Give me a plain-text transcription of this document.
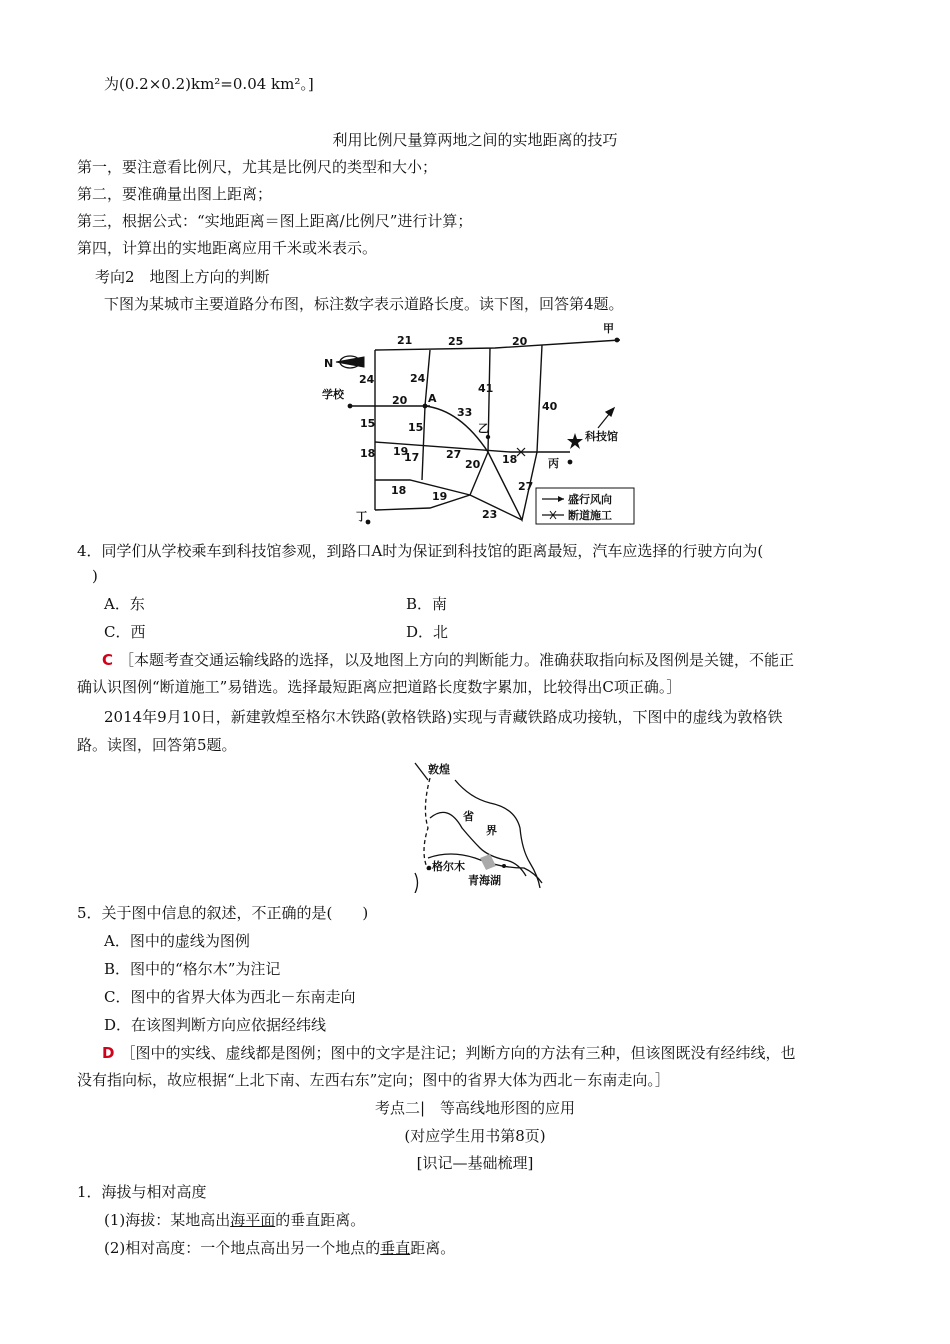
为(0.2×0.2)km²=0.04 km²。]
利用比例尺量算两地之间的实地距离的技巧
第一，要注意看比例尺，尤其是比例尺的类型和大小；
第二，要准确量出图上距离；
第三，根据公式：“实地距离＝图上距离/比例尺”进行计算；
第四，计算出的实地距离应用千米或米表示。
考向2　地图上方向的判断
下图为某城市主要道路分布图，标注数字表示道路长度。读下图，回答第4题。
N
甲
学校	A
乙
科技馆
丙
丁
21	25	20
24	24
41
20
33	40
15	15
19	27
18	18
17
20
27
18 19
23
盛行风向
断道施工
4．同学们从学校乘车到科技馆参观，到路口A时为保证到科技馆的距离最短，汽车应选择的行驶方向为(
)
A．东	B．南
C．西	D．北
C ［本题考查交通运输线路的选择，以及地图上方向的判断能力。准确获取指向标及图例是关键，不能正
确认识图例“断道施工”易错选。选择最短距离应把道路长度数字累加，比较得出C项正确。］
2014年9月10日，新建敦煌至格尔木铁路(敦格铁路)实现与青藏铁路成功接轨，下图中的虚线为敦格铁
路。读图，回答第5题。
敦煌
省
界
格尔木
青海湖
5．关于图中信息的叙述，不正确的是(　　)
A．图中的虚线为图例
B．图中的“格尔木”为注记
C．图中的省界大体为西北－东南走向
D．在该图判断方向应依据经纬线
D ［图中的实线、虚线都是图例；图中的文字是注记；判断方向的方法有三种，但该图既没有经纬线，也
没有指向标，故应根据“上北下南、左西右东”定向；图中的省界大体为西北－东南走向。］
考点二|　等高线地形图的应用
(对应学生用书第8页)
[识记—基础梳理]
1．海拔与相对高度
(1)海拔：某地高出海平面的垂直距离。
(2)相对高度：一个地点高出另一个地点的垂直距离。
